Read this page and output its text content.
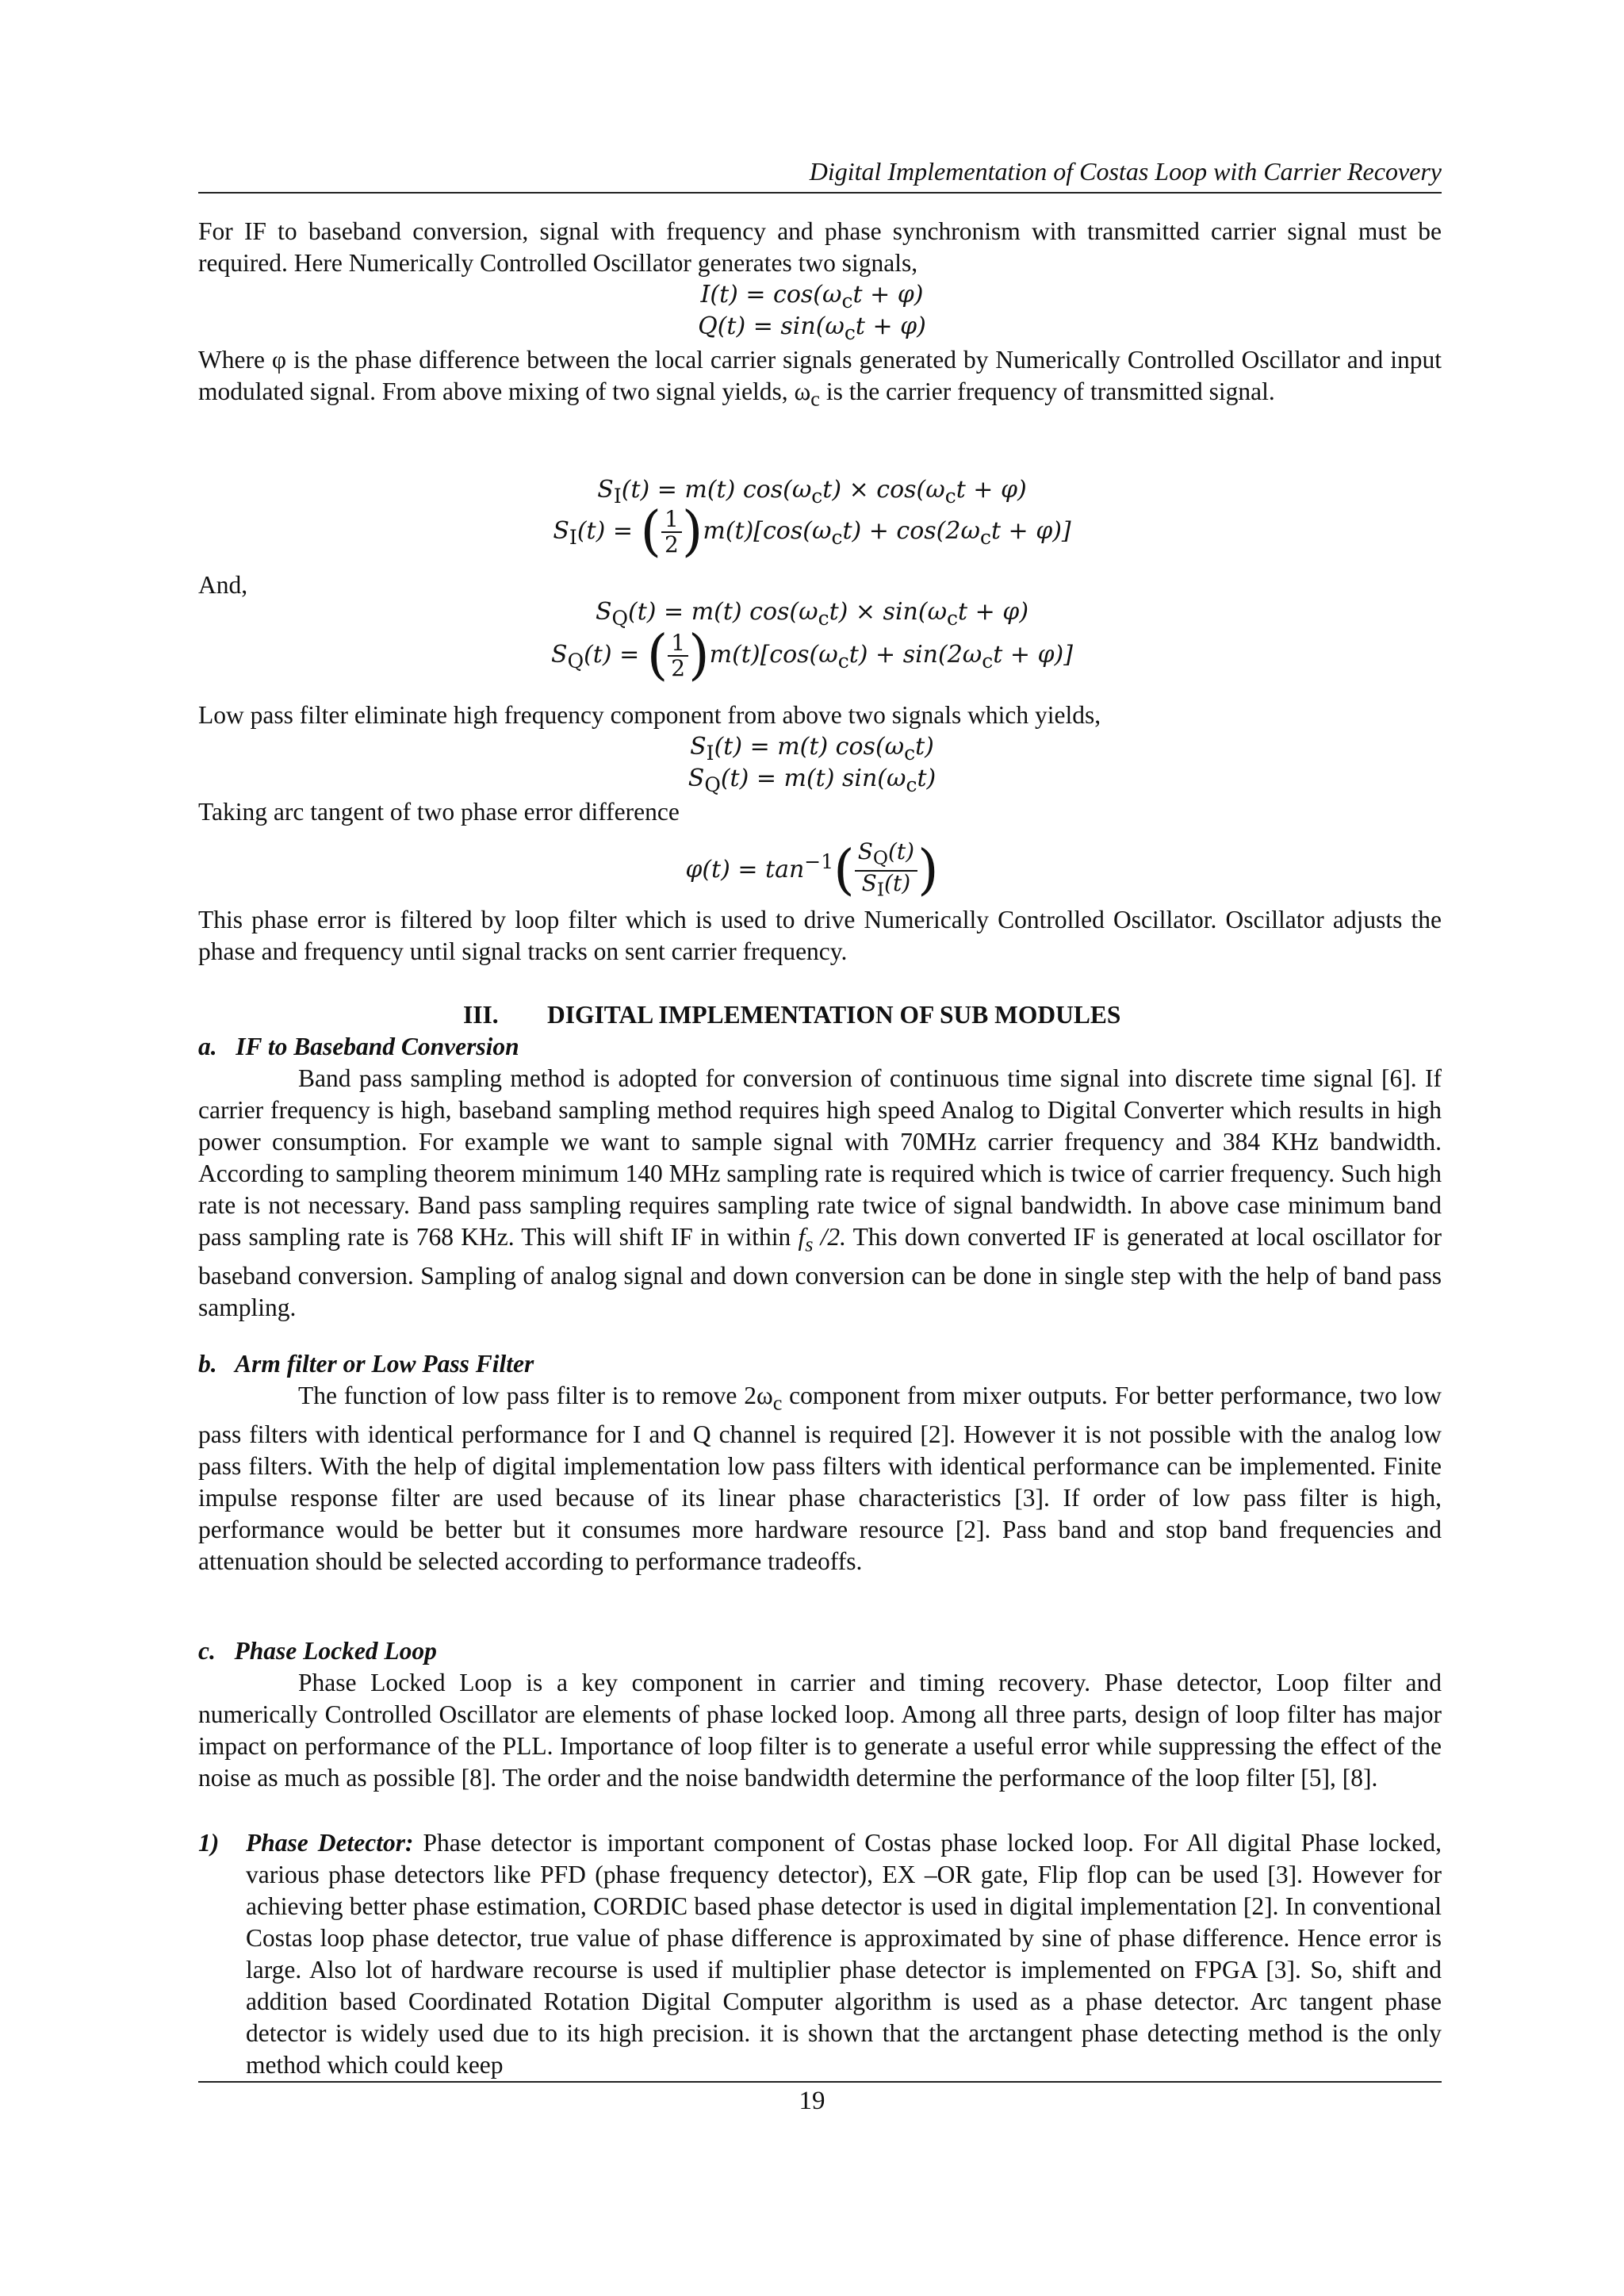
Digital Implementation of Costas Loop with Carrier Recovery
For IF to baseband conversion, signal with frequency and phase synchronism with transmitted carrier signal must be required. Here Numerically Controlled Oscillator generates two signals,
$I(t) = \cos(\omega_ct + \varphi)$
$Q(t) = \sin(\omega_ct + \varphi)$
Where φ is the phase difference between the local carrier signals generated by Numerically Controlled Oscillator and input modulated signal. From above mixing of two signal yields, $\omega_c$ is the carrier frequency of transmitted signal.
$S_I(t) = m(t) \cos(\omega_ct) \times \cos(\omega_ct + \varphi)$
$S_I(t)$ = ( $\frac{1}{2} )m(t)[\cos(\omega_ct) + \cos(2\omega_ct + \varphi)]$
And,
$S_Q(t) = m(t) \cos(\omega_ct) \times \sin(\omega_ct + \varphi)$
$S_Q(t)$ = ( $\frac{1}{2} )m(t)[\cos(\omega_ct) + \sin(2\omega_ct + \varphi)]$
Low pass filter eliminate high frequency component from above two signals which yields,
$S_I(t) = m(t)$ $\cos(\omega_ct)$
$S_Q(t) = m(t)$ $\sin(\omega_ct)$
Taking arc tangent of two phase error difference
$\varphi(t) = \tan^{-1}( \frac{S_Q(t)}{S_I(t)}$ )
This phase error is filtered by loop filter which is used to drive Numerically Controlled Oscillator. Oscillator adjusts the phase and frequency until signal tracks on sent carrier frequency.
III. DIGITAL IMPLEMENTATION OF SUB MODULES
a.   IF to Baseband Conversion
Band pass sampling method is adopted for conversion of continuous time signal into discrete time signal [6]. If carrier frequency is high, baseband sampling method requires high speed Analog to Digital Converter which results in high power consumption. For example we want to sample signal with 70MHz carrier frequency and 384 KHz bandwidth. According to sampling theorem minimum 140 MHz sampling rate is required which is twice of carrier frequency. Such high rate is not necessary. Band pass sampling requires sampling rate twice of signal bandwidth. In above case minimum band pass sampling rate is 768 KHz. This will shift IF in within $f_s$ /2. This down converted IF is generated at local oscillator for baseband conversion. Sampling of analog signal and down conversion can be done in single step with the help of band pass sampling.
b.   Arm filter or Low Pass Filter
The function of low pass filter is to remove $2\omega_c$ component from mixer outputs. For better performance, two low pass filters with identical performance for I and Q channel is required [2]. However it is not possible with the analog low pass filters. With the help of digital implementation low pass filters with identical performance can be implemented. Finite impulse response filter are used because of its linear phase characteristics [3]. If order of low pass filter is high, performance would be better but it consumes more hardware resource [2]. Pass band and stop band frequencies and attenuation should be selected according to performance tradeoffs.
c.   Phase Locked Loop
Phase Locked Loop is a key component in carrier and timing recovery. Phase detector, Loop filter and numerically Controlled Oscillator are elements of phase locked loop. Among all three parts, design of loop filter has major impact on performance of the PLL. Importance of loop filter is to generate a useful error while suppressing the effect of the noise as much as possible [8]. The order and the noise bandwidth determine the performance of the loop filter [5], [8].
1) Phase Detector: Phase detector is important component of Costas phase locked loop. For All digital Phase locked, various phase detectors like PFD (phase frequency detector), EX –OR gate, Flip flop can be used [3]. However for achieving better phase estimation, CORDIC based phase detector is used in digital implementation [2]. In conventional Costas loop phase detector, true value of phase difference is approximated by sine of phase difference. Hence error is large. Also lot of hardware recourse is used if multiplier phase detector is implemented on FPGA [3]. So, shift and addition based Coordinated Rotation Digital Computer algorithm is used as a phase detector. Arc tangent phase detector is widely used due to its high precision. it is shown that the arctangent phase detecting method is the only method which could keep
19
